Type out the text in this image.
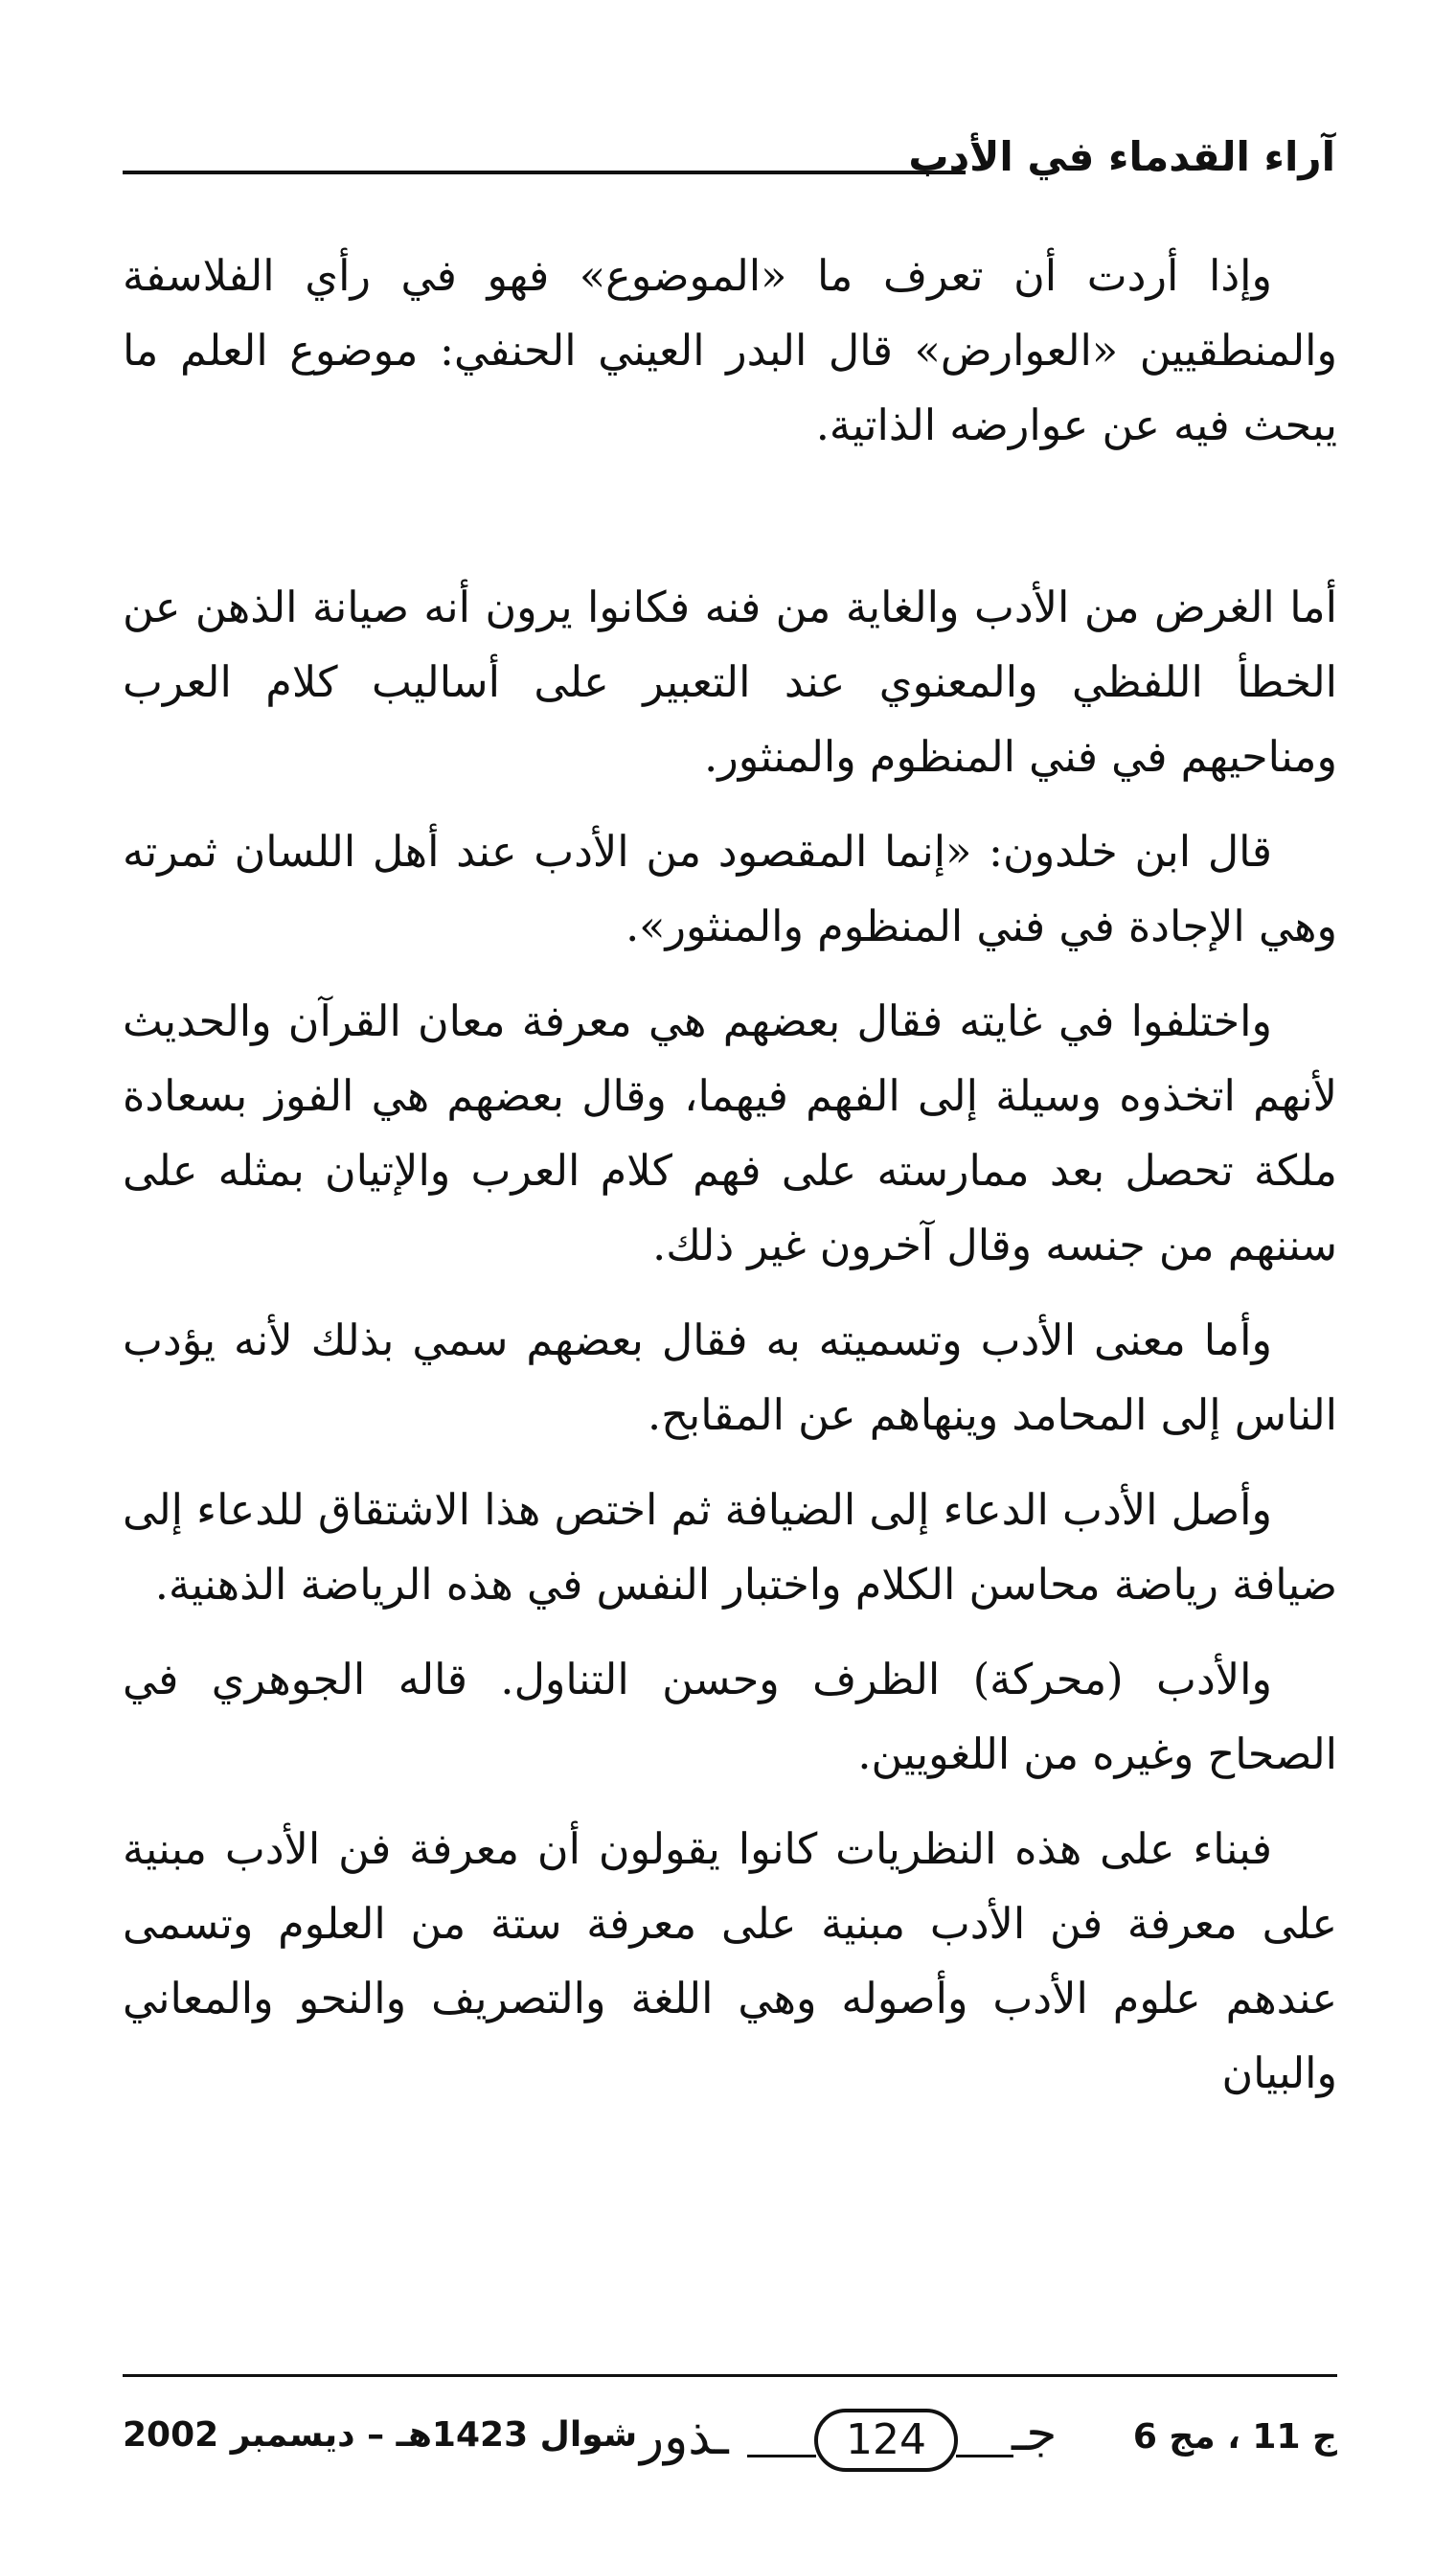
آراء القدماء في الأدب

وإذا أردت أن تعرف ما «الموضوع» فهو في رأي الفلاسفة والمنطقيين «العوارض» قال البدر العيني الحنفي: موضوع العلم ما يبحث فيه عن عوارضه الذاتية.

أما الغرض من الأدب والغاية من فنه فكانوا يرون أنه صيانة الذهن عن الخطأ اللفظي والمعنوي عند التعبير على أساليب كلام العرب ومناحيهم في فني المنظوم والمنثور.

قال ابن خلدون: «إنما المقصود من الأدب عند أهل اللسان ثمرته وهي الإجادة في فني المنظوم والمنثور».

واختلفوا في غايته فقال بعضهم هي معرفة معان القرآن والحديث لأنهم اتخذوه وسيلة إلى الفهم فيهما، وقال بعضهم هي الفوز بسعادة ملكة تحصل بعد ممارسته على فهم كلام العرب والإتيان بمثله على سننهم من جنسه وقال آخرون غير ذلك.

وأما معنى الأدب وتسميته به فقال بعضهم سمي بذلك لأنه يؤدب الناس إلى المحامد وينهاهم عن المقابح.

وأصل الأدب الدعاء إلى الضيافة ثم اختص هذا الاشتقاق للدعاء إلى ضيافة رياضة محاسن الكلام واختبار النفس في هذه الرياضة الذهنية.

والأدب (محركة) الظرف وحسن التناول. قاله الجوهري في الصحاح وغيره من اللغويين.

فبناء على هذه النظريات كانوا يقولون أن معرفة فن الأدب مبنية على معرفة فن الأدب مبنية على معرفة ستة من العلوم وتسمى عندهم علوم الأدب وأصوله وهي اللغة والتصريف والنحو والمعاني والبيان

ج 11 ، مج 6
ـذور	124	جـ
شوال 1423هـ – ديسمبر 2002
